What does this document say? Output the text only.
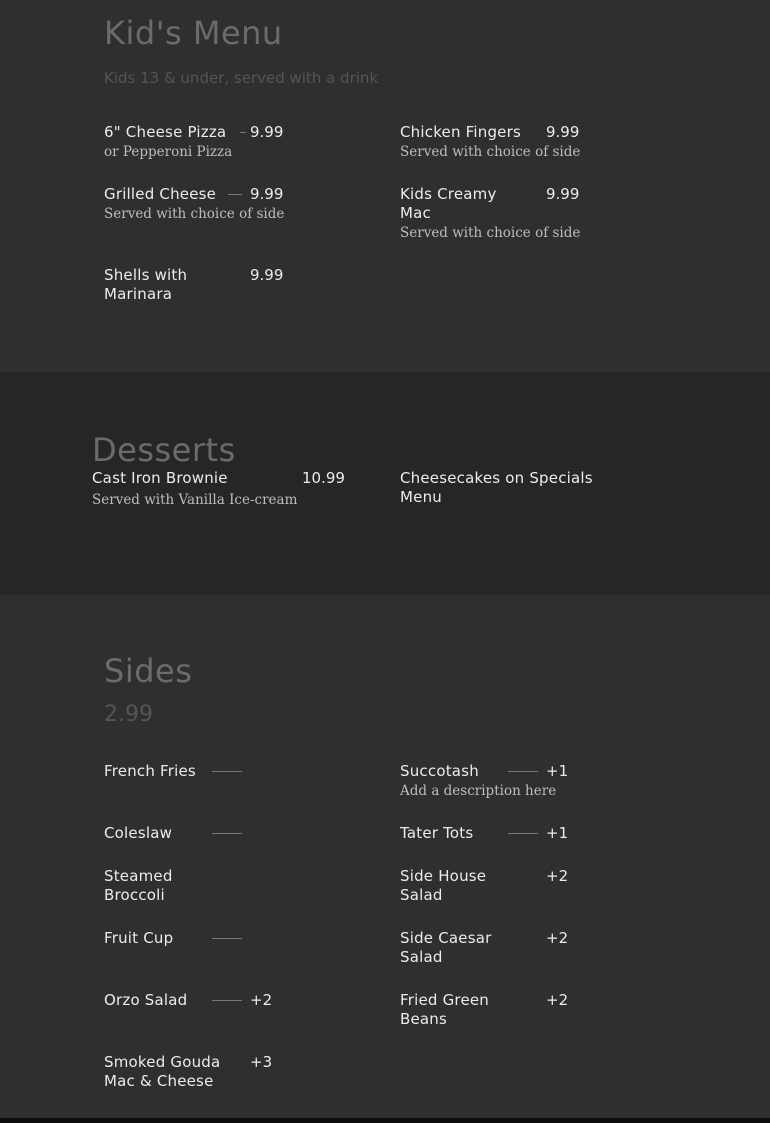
Kid's Menu

Kids 13 & under, served with a drink

6" Cheese Pizza 9.99
or Pepperoni Pizza
Chicken Fingers 9.99
Served with choice of side
Grilled Cheese 9.99
Served with choice of side
Kids Creamy Mac
9.99
Served with choice of side
Shells with Marinara
9.99
Desserts
Cast Iron Brownie	10.99
Served with Vanilla Ice-cream
Cheesecakes on Specials Menu
Sides

2.99

French Fries	Succotash	+1
Add a description here
Coleslaw	Tater Tots	+1
Steamed Broccoli
Side House Salad
+2
Fruit Cup	Side Caesar Salad
+2
Orzo Salad	+2	Fried Green Beans
+2
Smoked Gouda Mac & Cheese
+3
